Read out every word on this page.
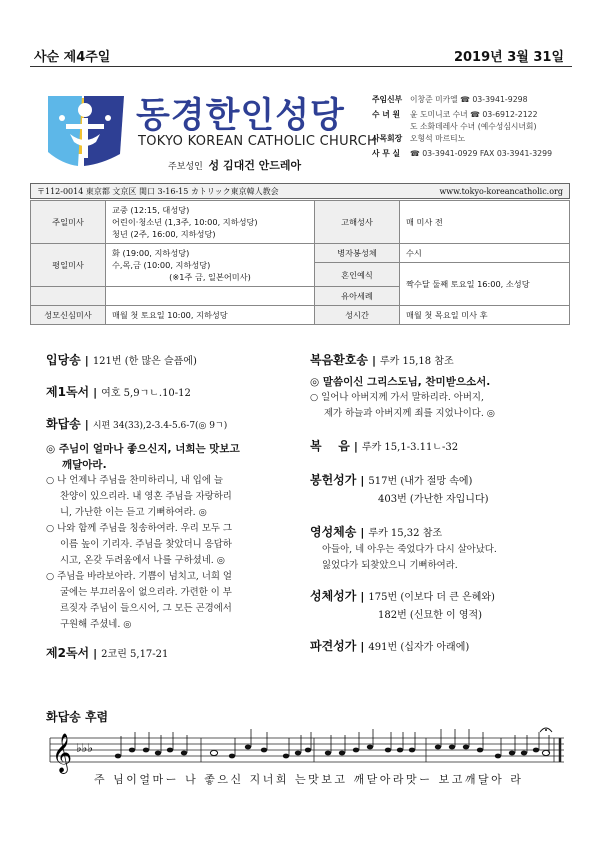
사순 제4주일	2019년 3월 31일
동경한인성당
TOKYO KOREAN CATHOLIC CHURCH
주보성인 성 김대건 안드레아
주임신부	이창준 미카엘 ☎ 03-3941-9298
수 녀 원	윤 도미니코 수녀 ☎ 03-6912-2122
도 소화데레사 수녀 (예수성심시녀회)
사목회장	오형석 마르티노
사 무 실	☎ 03-3941-0929 FAX 03-3941-3299
〒112-0014 東京都 文京区 関口 3-16-15 カトリック東京韓人教会	www.tokyo-koreancatholic.org
주일미사	교중 (12:15, 대성당)
어린이·청소년 (1,3주, 10:00, 지하성당)
청년 (2주, 16:00, 지하성당)	고해성사	매 미사 전
평일미사	화 (19:00, 지하성당)
수,목,금 (10:00, 지하성당)
(※1주 금, 일본어미사)	병자봉성체	수시
		혼인예식	짝수달 둘째 토요일 16:00, 소성당
		유아세례	
성모신심미사	매월 첫 토요일 10:00, 지하성당	성시간	매월 첫 목요일 미사 후
입당송 | 121번 (한 많은 슬픔에)
제1독서 | 여호 5,9ㄱㄴ.10-12
화답송 | 시편 34(33),2-3.4-5.6-7(◎ 9ㄱ)
◎ 주님이 얼마나 좋으신지, 너희는 맛보고
깨달아라.
○ 나 언제나 주님을 찬미하리니, 내 입에 늘
찬양이 있으리라. 내 영혼 주님을 자랑하리
니, 가난한 이는 듣고 기뻐하여라. ◎
○ 나와 함께 주님을 칭송하여라. 우리 모두 그
이름 높이 기리자. 주님을 찾았더니 응답하
시고, 온갖 두려움에서 나를 구하셨네. ◎
○ 주님을 바라보아라. 기쁨이 넘치고, 너희 얼
굴에는 부끄러움이 없으리라. 가련한 이 부
르짖자 주님이 들으시어, 그 모든 곤경에서
구원해 주셨네. ◎
제2독서 | 2코린 5,17-21
복음환호송 | 루카 15,18 참조
◎ 말씀이신 그리스도님, 찬미받으소서.
○ 일어나 아버지께 가서 말하리라. 아버지,
제가 하늘과 아버지께 죄를 지었나이다. ◎
복    음 | 루카 15,1-3.11ㄴ-32
봉헌성가 | 517번 (내가 절망 속에)
403번 (가난한 자입니다)
영성체송 | 루카 15,32 참조
아들아, 네 아우는 죽었다가 다시 살아났다.
잃었다가 되찾았으니 기뻐하여라.
성체성가 | 175번 (이보다 더 큰 은혜와)
182번 (신묘한 이 영적)
파견성가 | 491번 (십자가 아래에)
화답송 후렴
𝄞 ♭♭♭
주 님이얼마ー 나 좋으신 지너희 는맛보고 깨닫아라맛ー 보고깨달아 라
